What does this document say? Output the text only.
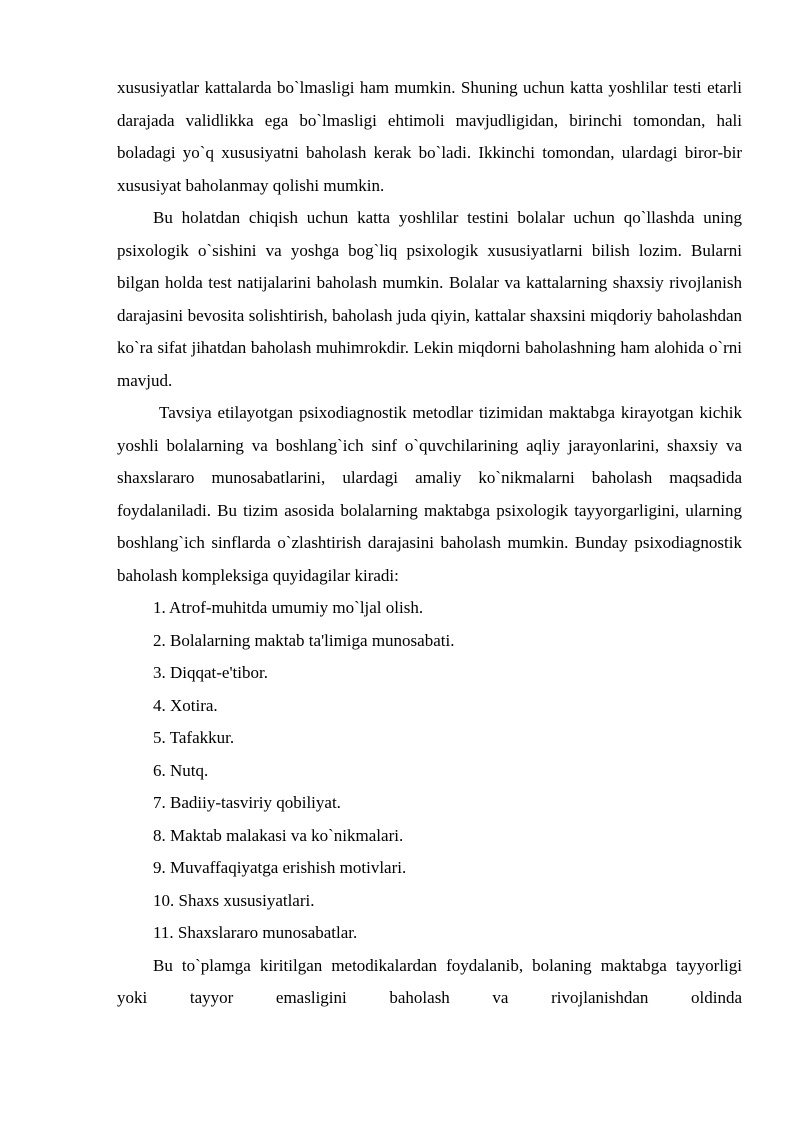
xususiyatlar kattalarda bo`lmasligi ham mumkin. Shuning uchun katta yoshlilar testi etarli darajada validlikka ega bo`lmasligi ehtimoli mavjudligidan, birinchi tomondan, hali boladagi yo`q xususiyatni baholash kerak bo`ladi. Ikkinchi tomondan, ulardagi biror-bir xususiyat baholanmay qolishi mumkin.

Bu holatdan chiqish uchun katta yoshlilar testini bolalar uchun qo`llashda uning psixologik o`sishini va yoshga bog`liq psixologik xususiyatlarni bilish lozim. Bularni bilgan holda test natijalarini baholash mumkin. Bolalar va kattalarning shaxsiy rivojlanish darajasini bevosita solishtirish, baholash juda qiyin, kattalar shaxsini miqdoriy baholashdan ko`ra sifat jihatdan baholash muhimrokdir. Lekin miqdorni baholashning ham alohida o`rni mavjud.

Tavsiya etilayotgan psixodiagnostik metodlar tizimidan maktabga kirayotgan kichik yoshli bolalarning va boshlang`ich sinf o`quvchilarining aqliy jarayonlarini, shaxsiy va shaxslararo munosabatlarini, ulardagi amaliy ko`nikmalarni baholash maqsadida foydalaniladi. Bu tizim asosida bolalarning maktabga psixologik tayyorgarligini, ularning boshlang`ich sinflarda o`zlashtirish darajasini baholash mumkin. Bunday psixodiagnostik baholash kompleksiga quyidagilar kiradi:

1. Atrof-muhitda umumiy mo`ljal olish.

2. Bolalarning maktab ta'limiga munosabati.

3. Diqqat-e'tibor.

4. Xotira.

5. Tafakkur.

6. Nutq.

7. Badiiy-tasviriy qobiliyat.

8. Maktab malakasi va ko`nikmalari.

9. Muvaffaqiyatga erishish motivlari.

10. Shaxs xususiyatlari.

11. Shaxslararo munosabatlar.

Bu to`plamga kiritilgan metodikalardan foydalanib, bolaning maktabga tayyorligi yoki tayyor emasligini baholash va rivojlanishdan oldinda
